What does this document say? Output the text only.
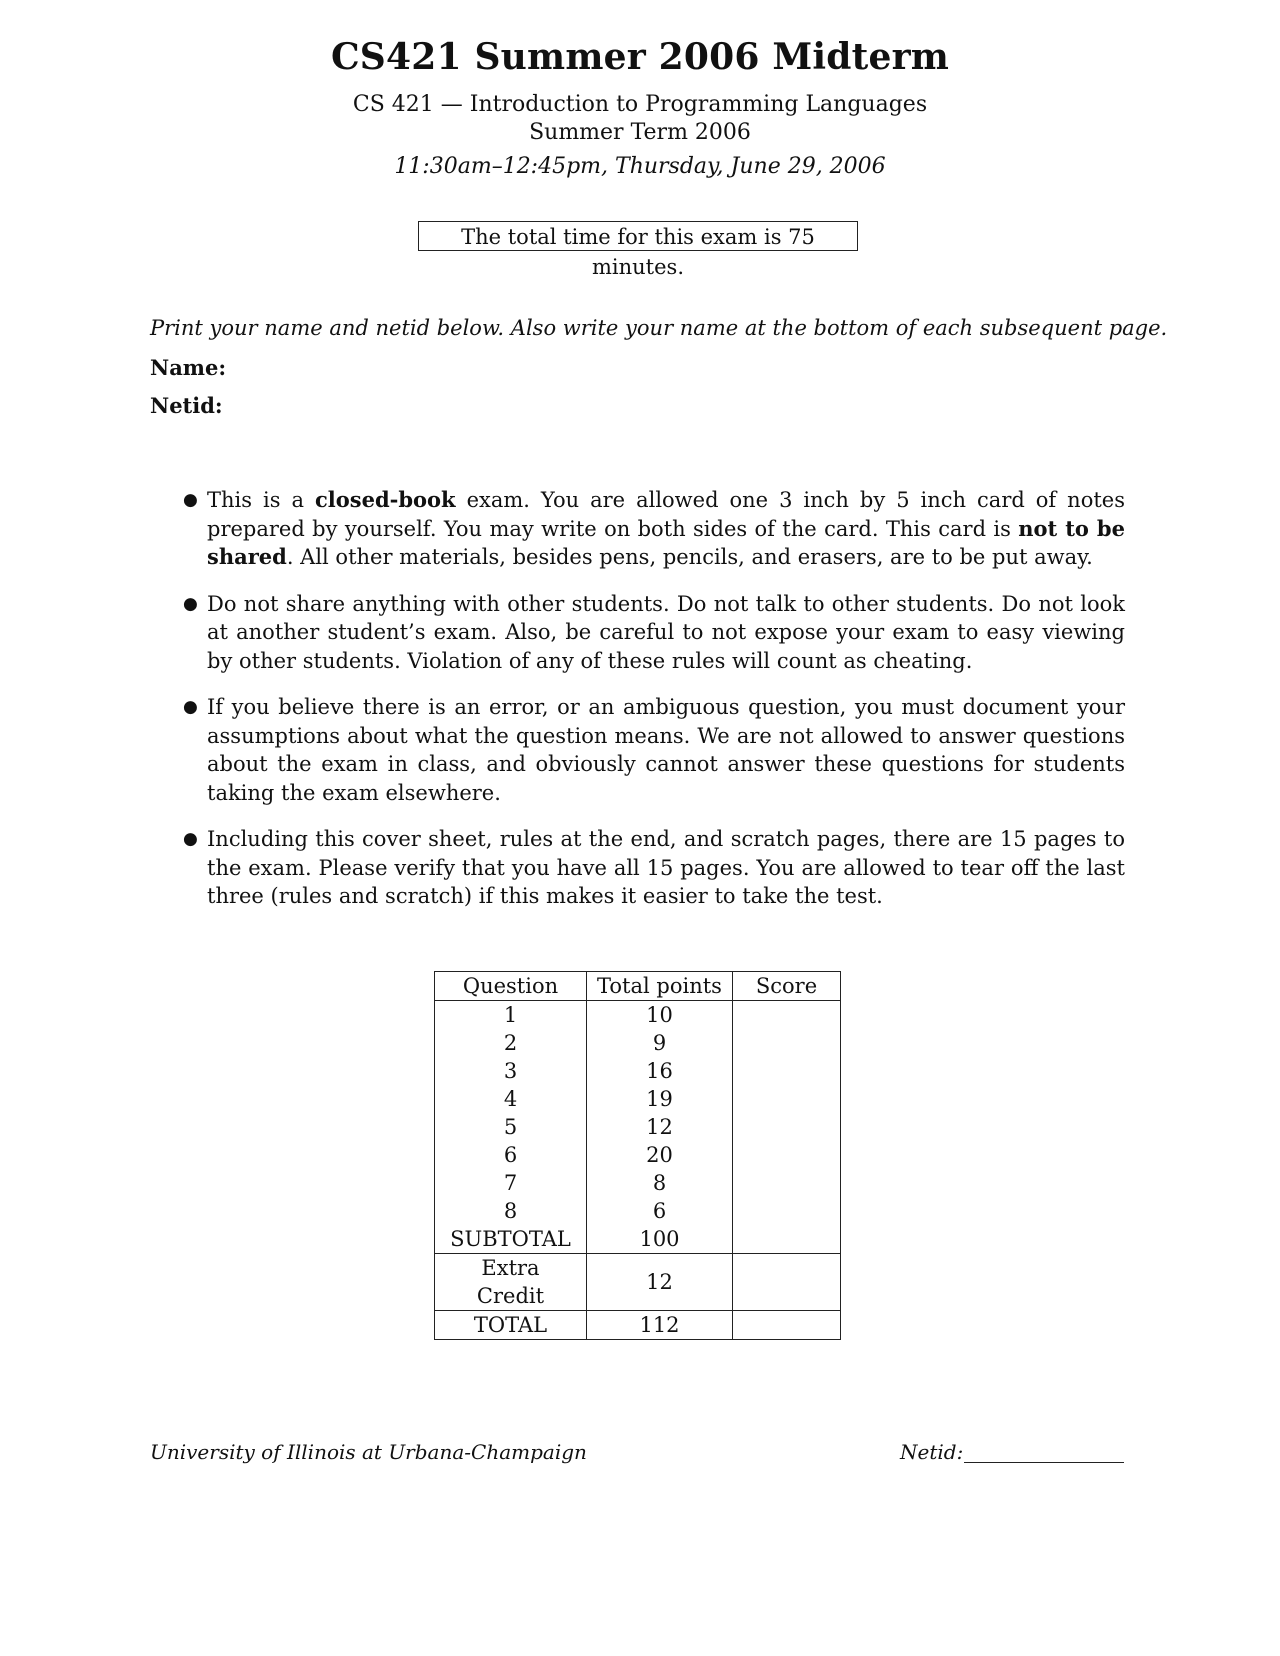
CS421 Summer 2006 Midterm
CS 421 — Introduction to Programming Languages
Summer Term 2006
11:30am–12:45pm, Thursday, June 29, 2006
The total time for this exam is 75 minutes.
Print your name and netid below. Also write your name at the bottom of each subsequent page.
Name:
Netid:
● This is a closed-book exam. You are allowed one 3 inch by 5 inch card of notes prepared by yourself. You may write on both sides of the card. This card is not to be shared. All other materials, besides pens, pencils, and erasers, are to be put away.
● Do not share anything with other students. Do not talk to other students. Do not look at another student’s exam. Also, be careful to not expose your exam to easy viewing by other students. Violation of any of these rules will count as cheating.
● If you believe there is an error, or an ambiguous question, you must document your assumptions about what the question means. We are not allowed to answer questions about the exam in class, and obviously cannot answer these questions for students taking the exam elsewhere.
● Including this cover sheet, rules at the end, and scratch pages, there are 15 pages to the exam. Please verify that you have all 15 pages. You are allowed to tear off the last three (rules and scratch) if this makes it easier to take the test.
Question	Total points	Score
1	10	
2	9	
3	16	
4	19	
5	12	
6	20	
7	8	
8	6	
SUBTOTAL	100	
Extra Credit	12	
TOTAL	112	
University of Illinois at Urbana-Champaign	Netid:
